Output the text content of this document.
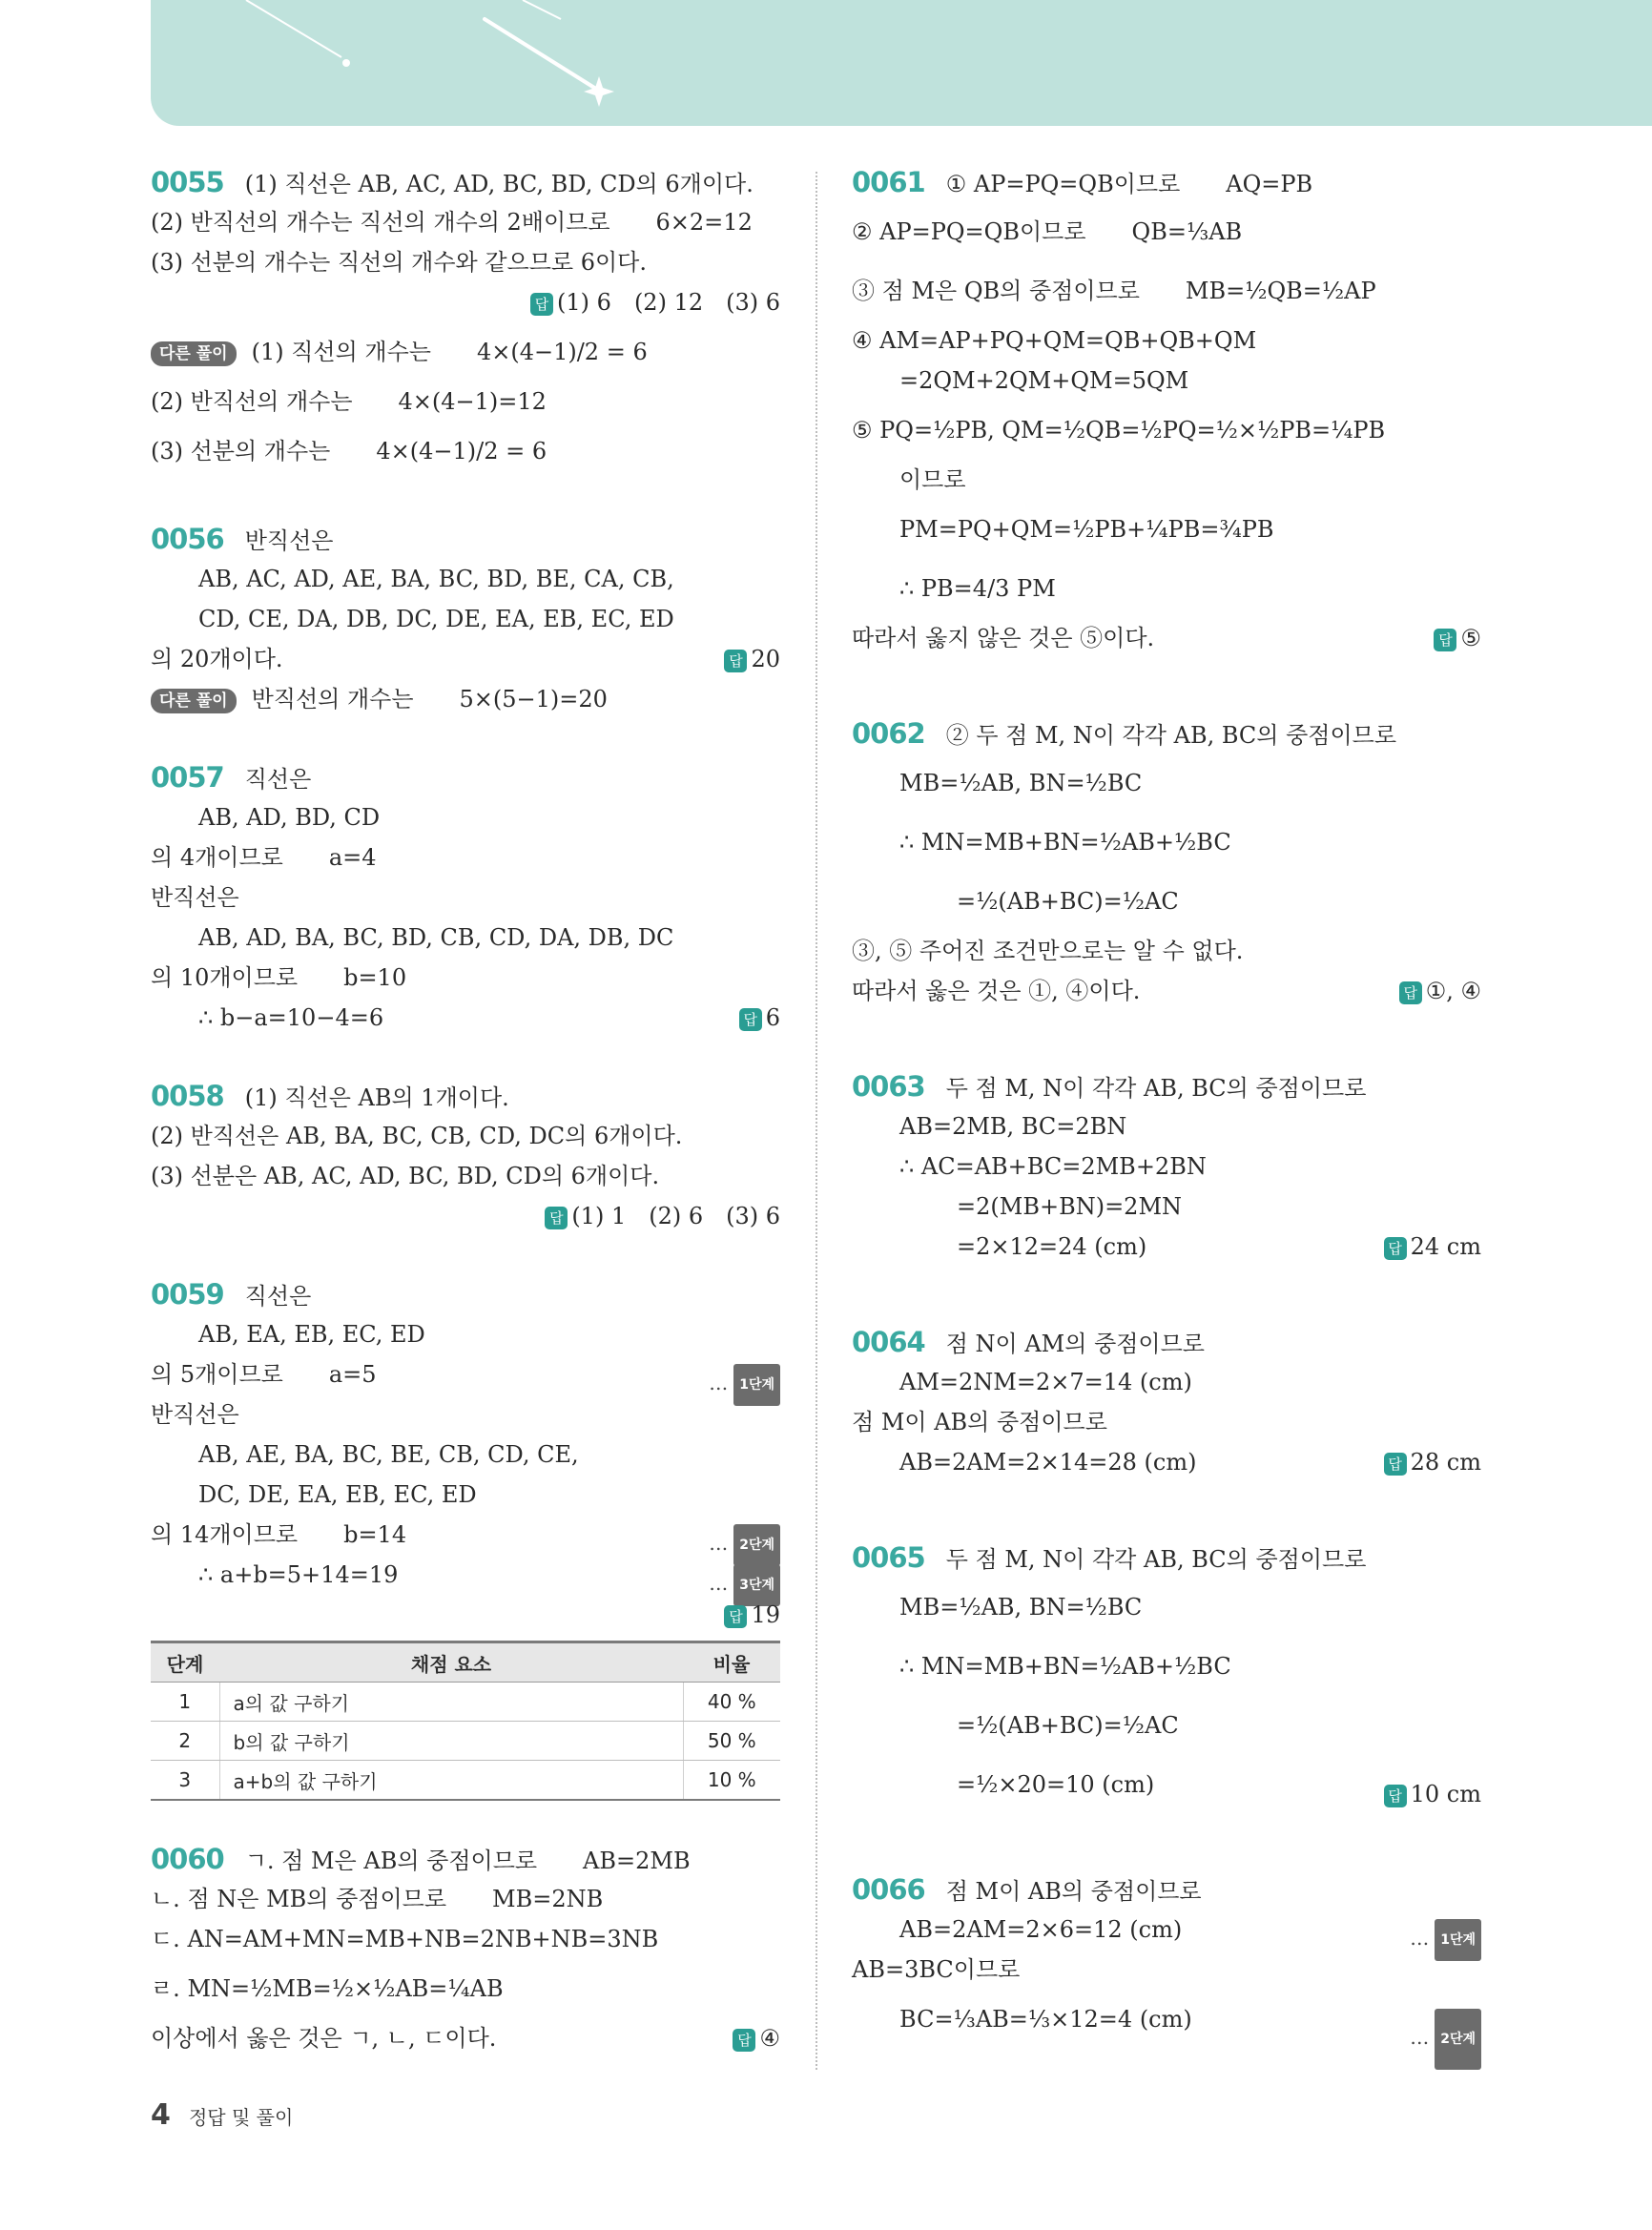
0055 (1) 직선은 AB, AC, AD, BC, BD, CD의 6개이다.
(2) 반직선의 개수는 직선의 개수의 2배이므로　　6×2=12
(3) 선분의 개수는 직선의 개수와 같으므로 6이다.
답 (1) 6　(2) 12　(3) 6
다른 풀이 (1) 직선의 개수는　　4×(4−1)/2 = 6
(2) 반직선의 개수는　　4×(4−1)=12
(3) 선분의 개수는　　4×(4−1)/2 = 6
0056 반직선은
AB, AC, AD, AE, BA, BC, BD, BE, CA, CB,
CD, CE, DA, DB, DC, DE, EA, EB, EC, ED
의 20개이다.	답 20
다른 풀이 반직선의 개수는　　5×(5−1)=20
0057 직선은
AB, AD, BD, CD
의 4개이므로　　a=4
반직선은
AB, AD, BA, BC, BD, CB, CD, DA, DB, DC
의 10개이므로　　b=10
∴ b−a=10−4=6	답 6
0058 (1) 직선은 AB의 1개이다.
(2) 반직선은 AB, BA, BC, CB, CD, DC의 6개이다.
(3) 선분은 AB, AC, AD, BC, BD, CD의 6개이다.
답 (1) 1　(2) 6　(3) 6
0059 직선은
AB, EA, EB, EC, ED
의 5개이므로　　a=5	… 1단계
반직선은
AB, AE, BA, BC, BE, CB, CD, CE,
DC, DE, EA, EB, EC, ED
의 14개이므로　　b=14	… 2단계
∴ a+b=5+14=19	… 3단계
답 19
단계	채점 요소	비율
1	a의 값 구하기	40 %
2	b의 값 구하기	50 %
3	a+b의 값 구하기	10 %
0060 ㄱ. 점 M은 AB의 중점이므로　　AB=2MB
ㄴ. 점 N은 MB의 중점이므로　　MB=2NB
ㄷ. AN=AM+MN=MB+NB=2NB+NB=3NB
ㄹ. MN=½MB=½×½AB=¼AB
이상에서 옳은 것은 ㄱ, ㄴ, ㄷ이다.	답 ④
0061 ① AP=PQ=QB이므로　　AQ=PB
② AP=PQ=QB이므로　　QB=⅓AB
③ 점 M은 QB의 중점이므로　　MB=½QB=½AP
④ AM=AP+PQ+QM=QB+QB+QM
=2QM+2QM+QM=5QM
⑤ PQ=½PB, QM=½QB=½PQ=½×½PB=¼PB
이므로
PM=PQ+QM=½PB+¼PB=¾PB
∴ PB=4/3 PM
따라서 옳지 않은 것은 ⑤이다.	답 ⑤
0062 ② 두 점 M, N이 각각 AB, BC의 중점이므로
MB=½AB, BN=½BC
∴ MN=MB+BN=½AB+½BC
=½(AB+BC)=½AC
③, ⑤ 주어진 조건만으로는 알 수 없다.
따라서 옳은 것은 ①, ④이다.	답 ①, ④
0063 두 점 M, N이 각각 AB, BC의 중점이므로
AB=2MB, BC=2BN
∴ AC=AB+BC=2MB+2BN
=2(MB+BN)=2MN
=2×12=24 (cm)	답 24 cm
0064 점 N이 AM의 중점이므로
AM=2NM=2×7=14 (cm)
점 M이 AB의 중점이므로
AB=2AM=2×14=28 (cm)	답 28 cm
0065 두 점 M, N이 각각 AB, BC의 중점이므로
MB=½AB, BN=½BC
∴ MN=MB+BN=½AB+½BC
=½(AB+BC)=½AC
=½×20=10 (cm)	답 10 cm
0066 점 M이 AB의 중점이므로
AB=2AM=2×6=12 (cm)	… 1단계
AB=3BC이므로
BC=⅓AB=⅓×12=4 (cm)
… 2단계
4 정답 및 풀이
